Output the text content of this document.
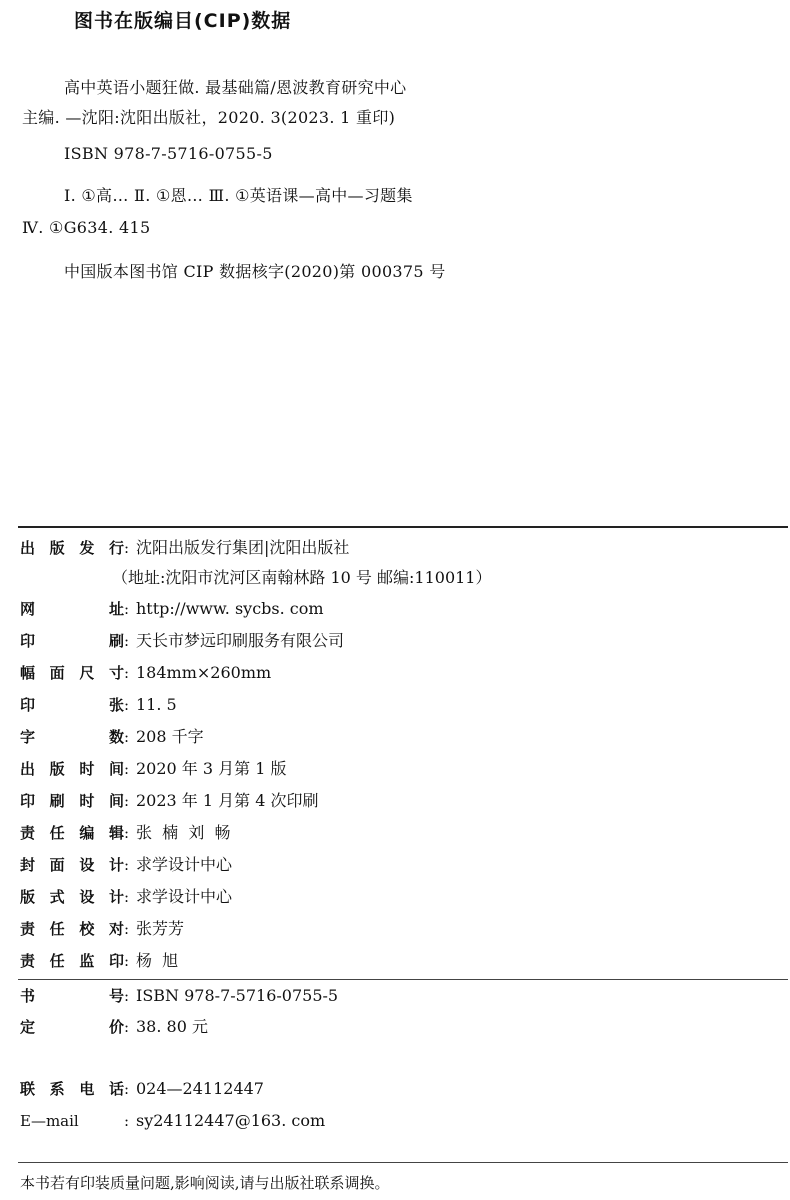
图书在版编目(CIP)数据
高中英语小题狂做. 最基础篇/恩波教育研究中心
主编. —沈阳:沈阳出版社，2020. 3(2023. 1 重印)
ISBN 978-7-5716-0755-5
Ⅰ. ①高… Ⅱ. ①恩… Ⅲ. ①英语课—高中—习题集
Ⅳ. ①G634. 415
中国版本图书馆 CIP 数据核字(2020)第 000375 号
出版发行: 沈阳出版发行集团|沈阳出版社
（地址:沈阳市沈河区南翰林路 10 号 邮编:110011）
网址: http://www. sycbs. com
印刷: 天长市梦远印刷服务有限公司
幅面尺寸: 184mm×260mm
印张: 11. 5
字数: 208 千字
出版时间: 2020 年 3 月第 1 版
印刷时间: 2023 年 1 月第 4 次印刷
责任编辑: 张  楠  刘  畅
封面设计: 求学设计中心
版式设计: 求学设计中心
责任校对: 张芳芳
责任监印: 杨  旭
书号: ISBN 978-7-5716-0755-5
定价: 38. 80 元
联系电话: 024—24112447
E—mail	: sy24112447@163. com
本书若有印装质量问题,影响阅读,请与出版社联系调换。
